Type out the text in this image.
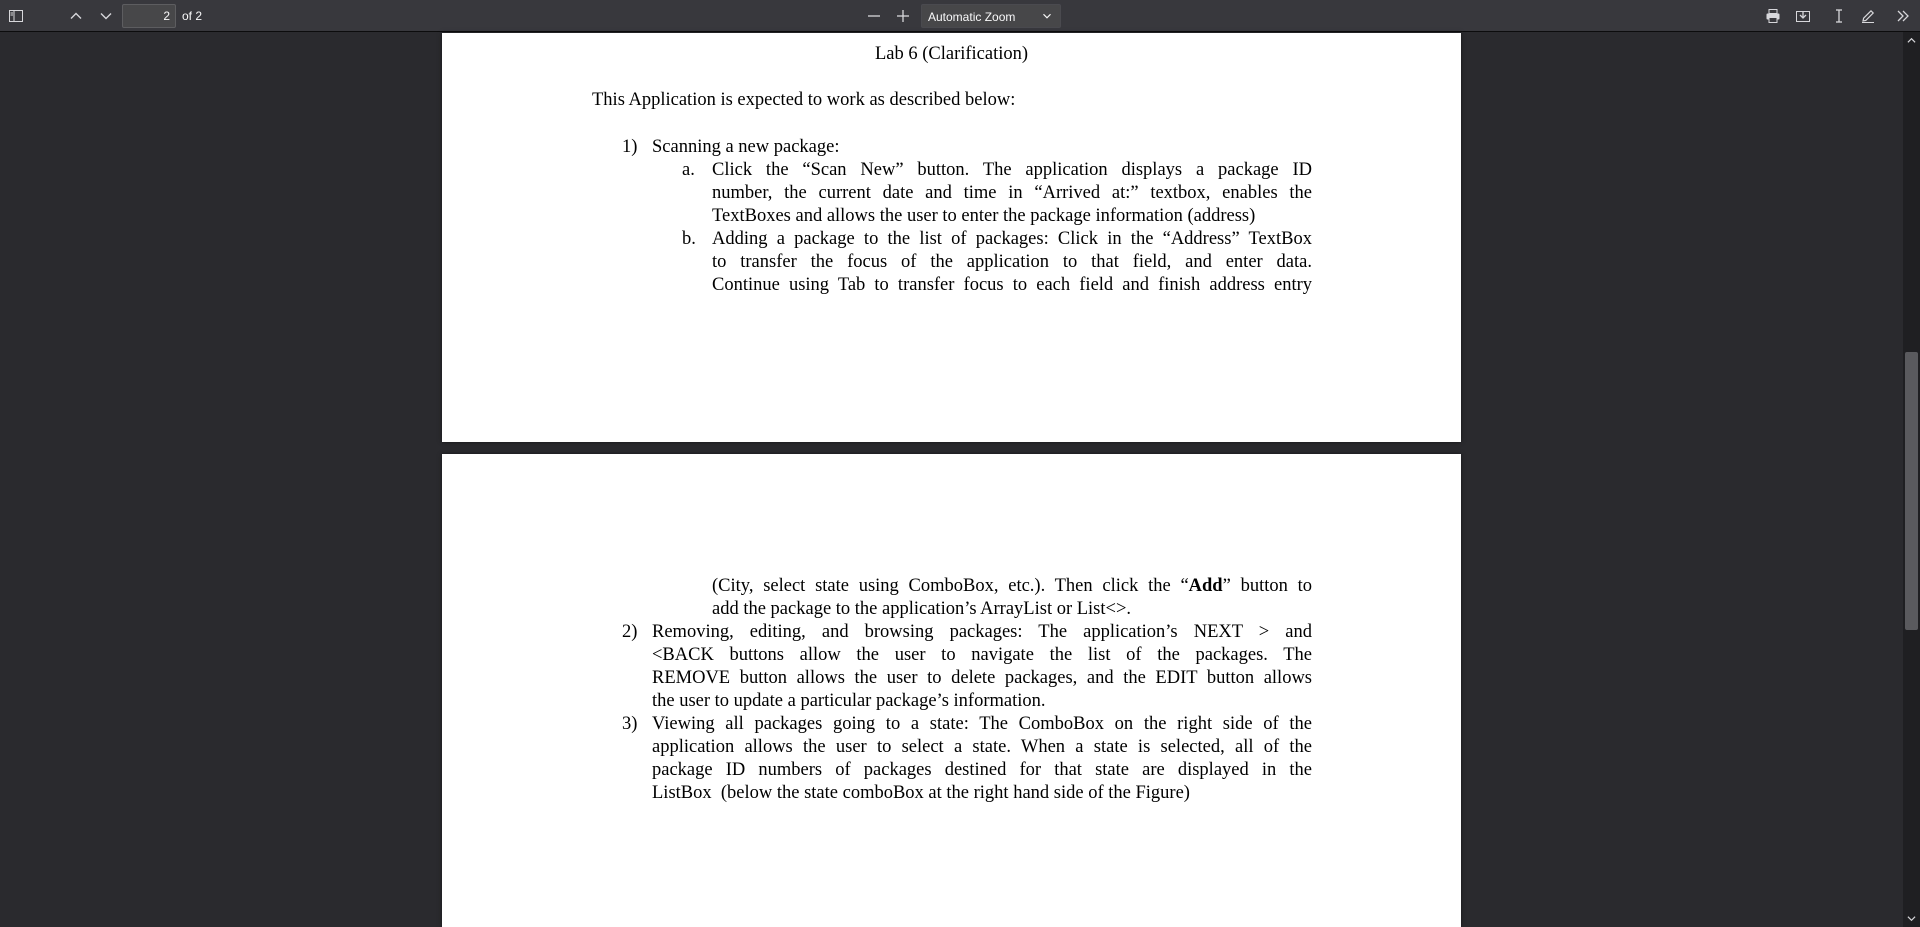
2
of 2	Automatic Zoom
Lab 6 (Clarification)
This Application is expected to work as described below:
1) Scanning a new package:
a. Click the “Scan New” button. The application displays a package ID
number, the current date and time in “Arrived at:” textbox, enables the
TextBoxes and allows the user to enter the package information (address)
b. Adding a package to the list of packages: Click in the “Address” TextBox
to transfer the focus of the application to that field, and enter data.
Continue using Tab to transfer focus to each field and finish address entry
(City, select state using ComboBox, etc.). Then click the “Add” button to
add the package to the application’s ArrayList or List<>.
2) Removing, editing, and browsing packages: The application’s NEXT > and
<BACK buttons allow the user to navigate the list of the packages. The
REMOVE button allows the user to delete packages, and the EDIT button allows
the user to update a particular package’s information.
3) Viewing all packages going to a state: The ComboBox on the right side of the
application allows the user to select a state. When a state is selected, all of the
package ID numbers of packages destined for that state are displayed in the
ListBox  (below the state comboBox at the right hand side of the Figure)
